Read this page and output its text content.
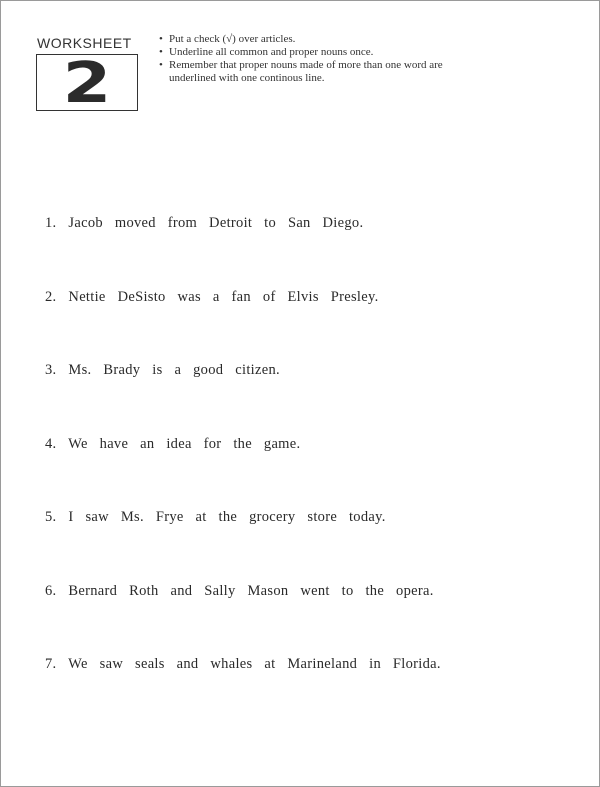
WORKSHEET
2
• Put a check (√) over articles.
• Underline all common and proper nouns once.
• Remember that proper nouns made of more than one word are underlined with one continous line.
1. Jacob moved from Detroit to San Diego.
2. Nettie DeSisto was a fan of Elvis Presley.
3. Ms. Brady is a good citizen.
4. We have an idea for the game.
5. I saw Ms. Frye at the grocery store today.
6. Bernard Roth and Sally Mason went to the opera.
7. We saw seals and whales at Marineland in Florida.
